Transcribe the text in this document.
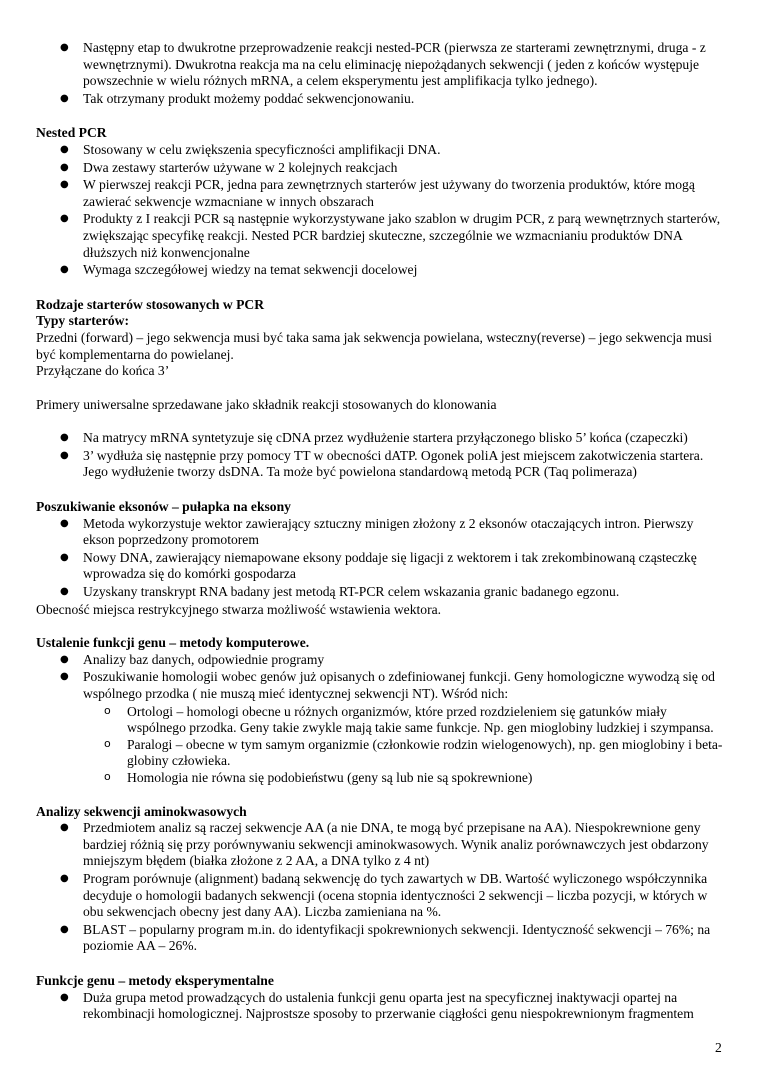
● Następny etap to dwukrotne przeprowadzenie reakcji nested-PCR (pierwsza ze starterami zewnętrznymi, druga - z wewnętrznymi). Dwukrotna reakcja ma na celu eliminację niepożądanych sekwencji ( jeden z końców występuje powszechnie w wielu różnych mRNA, a celem eksperymentu jest amplifikacja tylko jednego).
● Tak otrzymany produkt możemy poddać sekwencjonowaniu.

Nested PCR

● Stosowany w celu zwiększenia specyficzności amplifikacji DNA.
● Dwa zestawy starterów używane w 2 kolejnych reakcjach
● W pierwszej reakcji PCR, jedna para zewnętrznych starterów jest używany do tworzenia produktów, które mogą zawierać sekwencje wzmacniane w innych obszarach
● Produkty z I reakcji PCR są następnie wykorzystywane jako szablon w drugim PCR, z parą wewnętrznych starterów, zwiększając specyfikę reakcji. Nested PCR bardziej skuteczne, szczególnie we wzmacnianiu produktów DNA dłuższych niż konwencjonalne
● Wymaga szczegółowej wiedzy na temat sekwencji docelowej

Rodzaje starterów stosowanych w PCR

Typy starterów:

Przedni (forward) – jego sekwencja musi być taka sama jak sekwencja powielana, wsteczny(reverse) – jego sekwencja musi być komplementarna do powielanej.

Przyłączane do końca 3’

Primery uniwersalne sprzedawane jako składnik reakcji stosowanych do klonowania

● Na matrycy mRNA syntetyzuje się cDNA przez wydłużenie startera przyłączonego blisko 5’ końca (czapeczki)
● 3’ wydłuża się następnie przy pomocy TT w obecności dATP. Ogonek poliA jest miejscem zakotwiczenia startera. Jego wydłużenie tworzy dsDNA. Ta może być powielona standardową metodą PCR (Taq polimeraza)

Poszukiwanie eksonów – pułapka na eksony

● Metoda wykorzystuje wektor zawierający sztuczny minigen złożony z 2 eksonów otaczających intron. Pierwszy ekson poprzedzony promotorem
● Nowy DNA, zawierający niemapowane eksony poddaje się ligacji z wektorem i tak zrekombinowaną cząsteczkę wprowadza się do komórki gospodarza
● Uzyskany transkrypt RNA badany jest metodą RT-PCR celem wskazania granic badanego egzonu.

Obecność miejsca restrykcyjnego stwarza możliwość wstawienia wektora.

Ustalenie funkcji genu – metody komputerowe.

● Analizy baz danych, odpowiednie programy
● Poszukiwanie homologii wobec genów już opisanych o zdefiniowanej funkcji. Geny homologiczne wywodzą się od wspólnego przodka ( nie muszą mieć identycznej sekwencji NT). Wśród nich:
o Ortologi – homologi obecne u różnych organizmów, które przed rozdzieleniem się gatunków miały wspólnego przodka. Geny takie zwykle mają takie same funkcje. Np. gen mioglobiny ludzkiej i szympansa.
o Paralogi – obecne w tym samym organizmie (członkowie rodzin wielogenowych), np. gen mioglobiny i beta-globiny człowieka.
o Homologia nie równa się podobieństwu (geny są lub nie są spokrewnione)

Analizy sekwencji aminokwasowych

● Przedmiotem analiz są raczej sekwencje AA (a nie DNA, te mogą być przepisane na AA). Niespokrewnione geny bardziej różnią się przy porównywaniu sekwencji aminokwasowych. Wynik analiz porównawczych jest obdarzony mniejszym błędem (białka złożone z 2 AA, a DNA tylko z 4 nt)
● Program porównuje (alignment) badaną sekwencję do tych zawartych w DB. Wartość wyliczonego współczynnika decyduje o homologii badanych sekwencji (ocena stopnia identyczności 2 sekwencji – liczba pozycji, w których w obu sekwencjach obecny jest dany AA). Liczba zamieniana na %.
● BLAST – popularny program m.in. do identyfikacji spokrewnionych sekwencji. Identyczność sekwencji – 76%; na poziomie AA – 26%.

Funkcje genu – metody eksperymentalne

● Duża grupa metod prowadzących do ustalenia funkcji genu oparta jest na specyficznej inaktywacji opartej na rekombinacji homologicznej. Najprostsze sposoby to przerwanie ciągłości genu niespokrewnionym fragmentem
2
